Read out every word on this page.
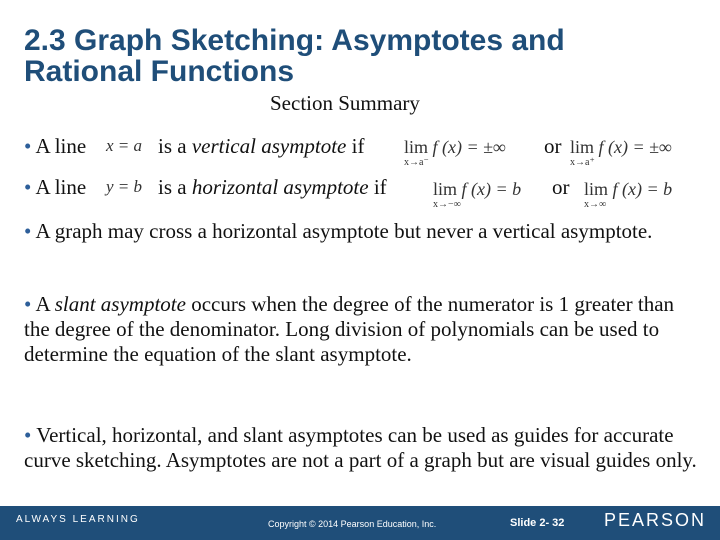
2.3 Graph Sketching: Asymptotes and
Rational Functions
Section Summary
• A line x = a is a vertical asymptote if lim
x→a⁻
f (x) = ±∞ or lim
x→a⁺
f (x) = ±∞
• A line y = b is a horizontal asymptote if	lim
x→−∞
f (x) = b or lim
x→∞
f (x) = b
• A graph may cross a horizontal asymptote but never a vertical asymptote.
• A slant asymptote occurs when the degree of the numerator is 1 greater than the degree of the denominator. Long division of polynomials can be used to determine the equation of the slant asymptote.
• Vertical, horizontal, and slant asymptotes can be used as guides for accurate curve sketching. Asymptotes are not a part of a graph but are visual guides only.
ALWAYS LEARNING	Copyright © 2014 Pearson Education, Inc.	Slide 2- 32 PEARSON
